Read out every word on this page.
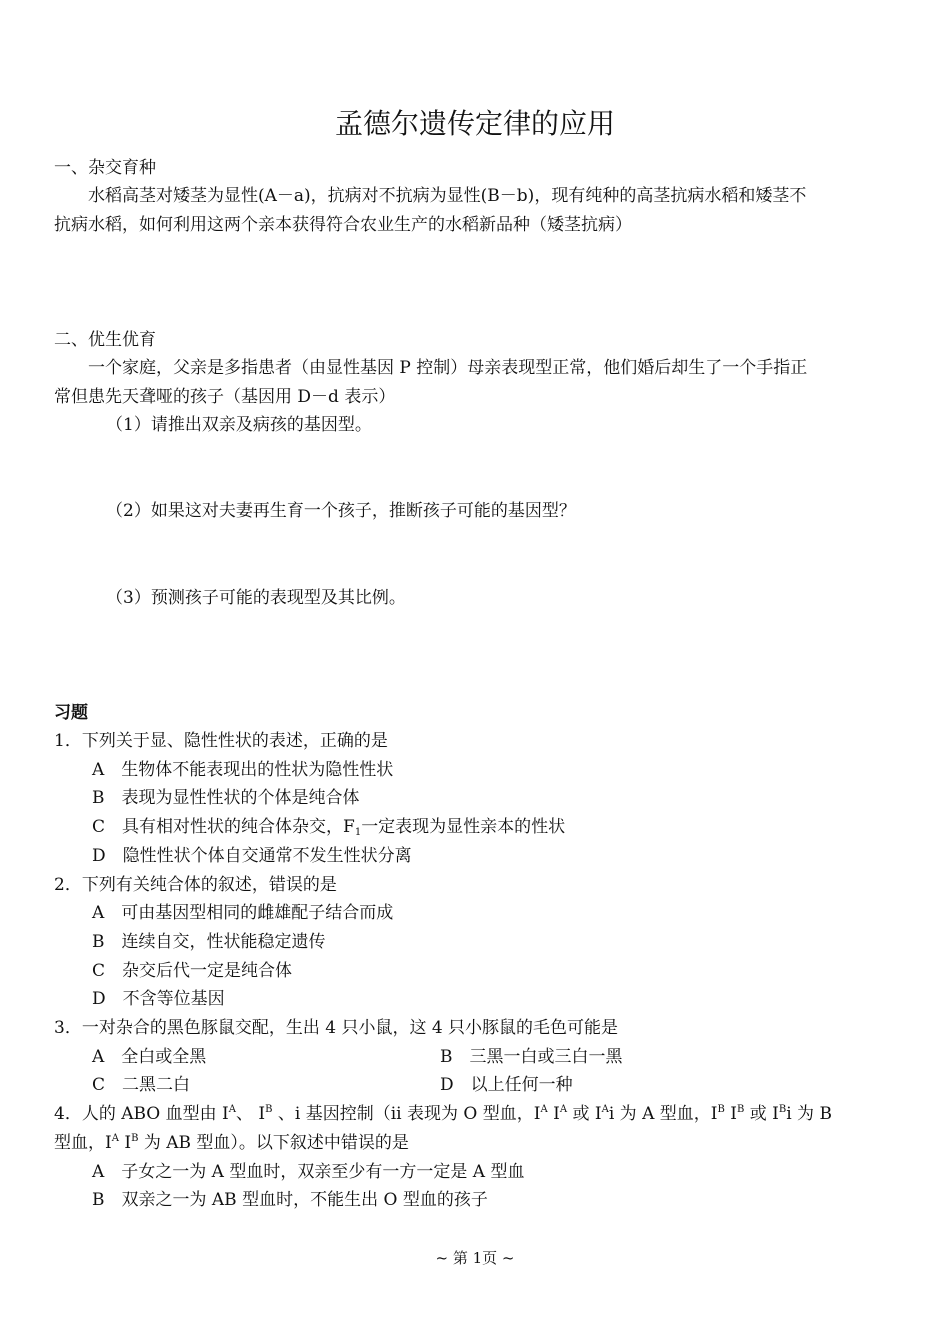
孟德尔遗传定律的应用
一、杂交育种
水稻高茎对矮茎为显性(A－a)，抗病对不抗病为显性(B－b)，现有纯种的高茎抗病水稻和矮茎不
抗病水稻，如何利用这两个亲本获得符合农业生产的水稻新品种（矮茎抗病）
二、优生优育
一个家庭，父亲是多指患者（由显性基因 P 控制）母亲表现型正常，他们婚后却生了一个手指正
常但患先天聋哑的孩子（基因用 D－d 表示）
（1）请推出双亲及病孩的基因型。
（2）如果这对夫妻再生育一个孩子，推断孩子可能的基因型？
（3）预测孩子可能的表现型及其比例。
习题
1．下列关于显、隐性性状的表述，正确的是
A　生物体不能表现出的性状为隐性性状
B　表现为显性性状的个体是纯合体
C　具有相对性状的纯合体杂交，$F_1$一定表现为显性亲本的性状
D　隐性性状个体自交通常不发生性状分离
2．下列有关纯合体的叙述，错误的是
A　可由基因型相同的雌雄配子结合而成
B　连续自交，性状能稳定遗传
C　杂交后代一定是纯合体
D　不含等位基因
3．一对杂合的黑色豚鼠交配，生出 4 只小鼠，这 4 只小豚鼠的毛色可能是
A　全白或全黑	B　三黑一白或三白一黑
C　二黑二白	D　以上任何一种
4．人的 ABO 血型由 $I^A$、 $I^B$ 、i 基因控制（ii 表现为 O 型血，$I^A$ $I^A$ 或 $I^Ai$ 为 A 型血，$I^B$ $I^B$ 或 $I^Bi$ 为 B
型血，$I^A$ $I^B$ 为 AB 型血）。以下叙述中错误的是
A　子女之一为 A 型血时，双亲至少有一方一定是 A 型血
B　双亲之一为 AB 型血时，不能生出 O 型血的孩子
~ 第 1页 ~
